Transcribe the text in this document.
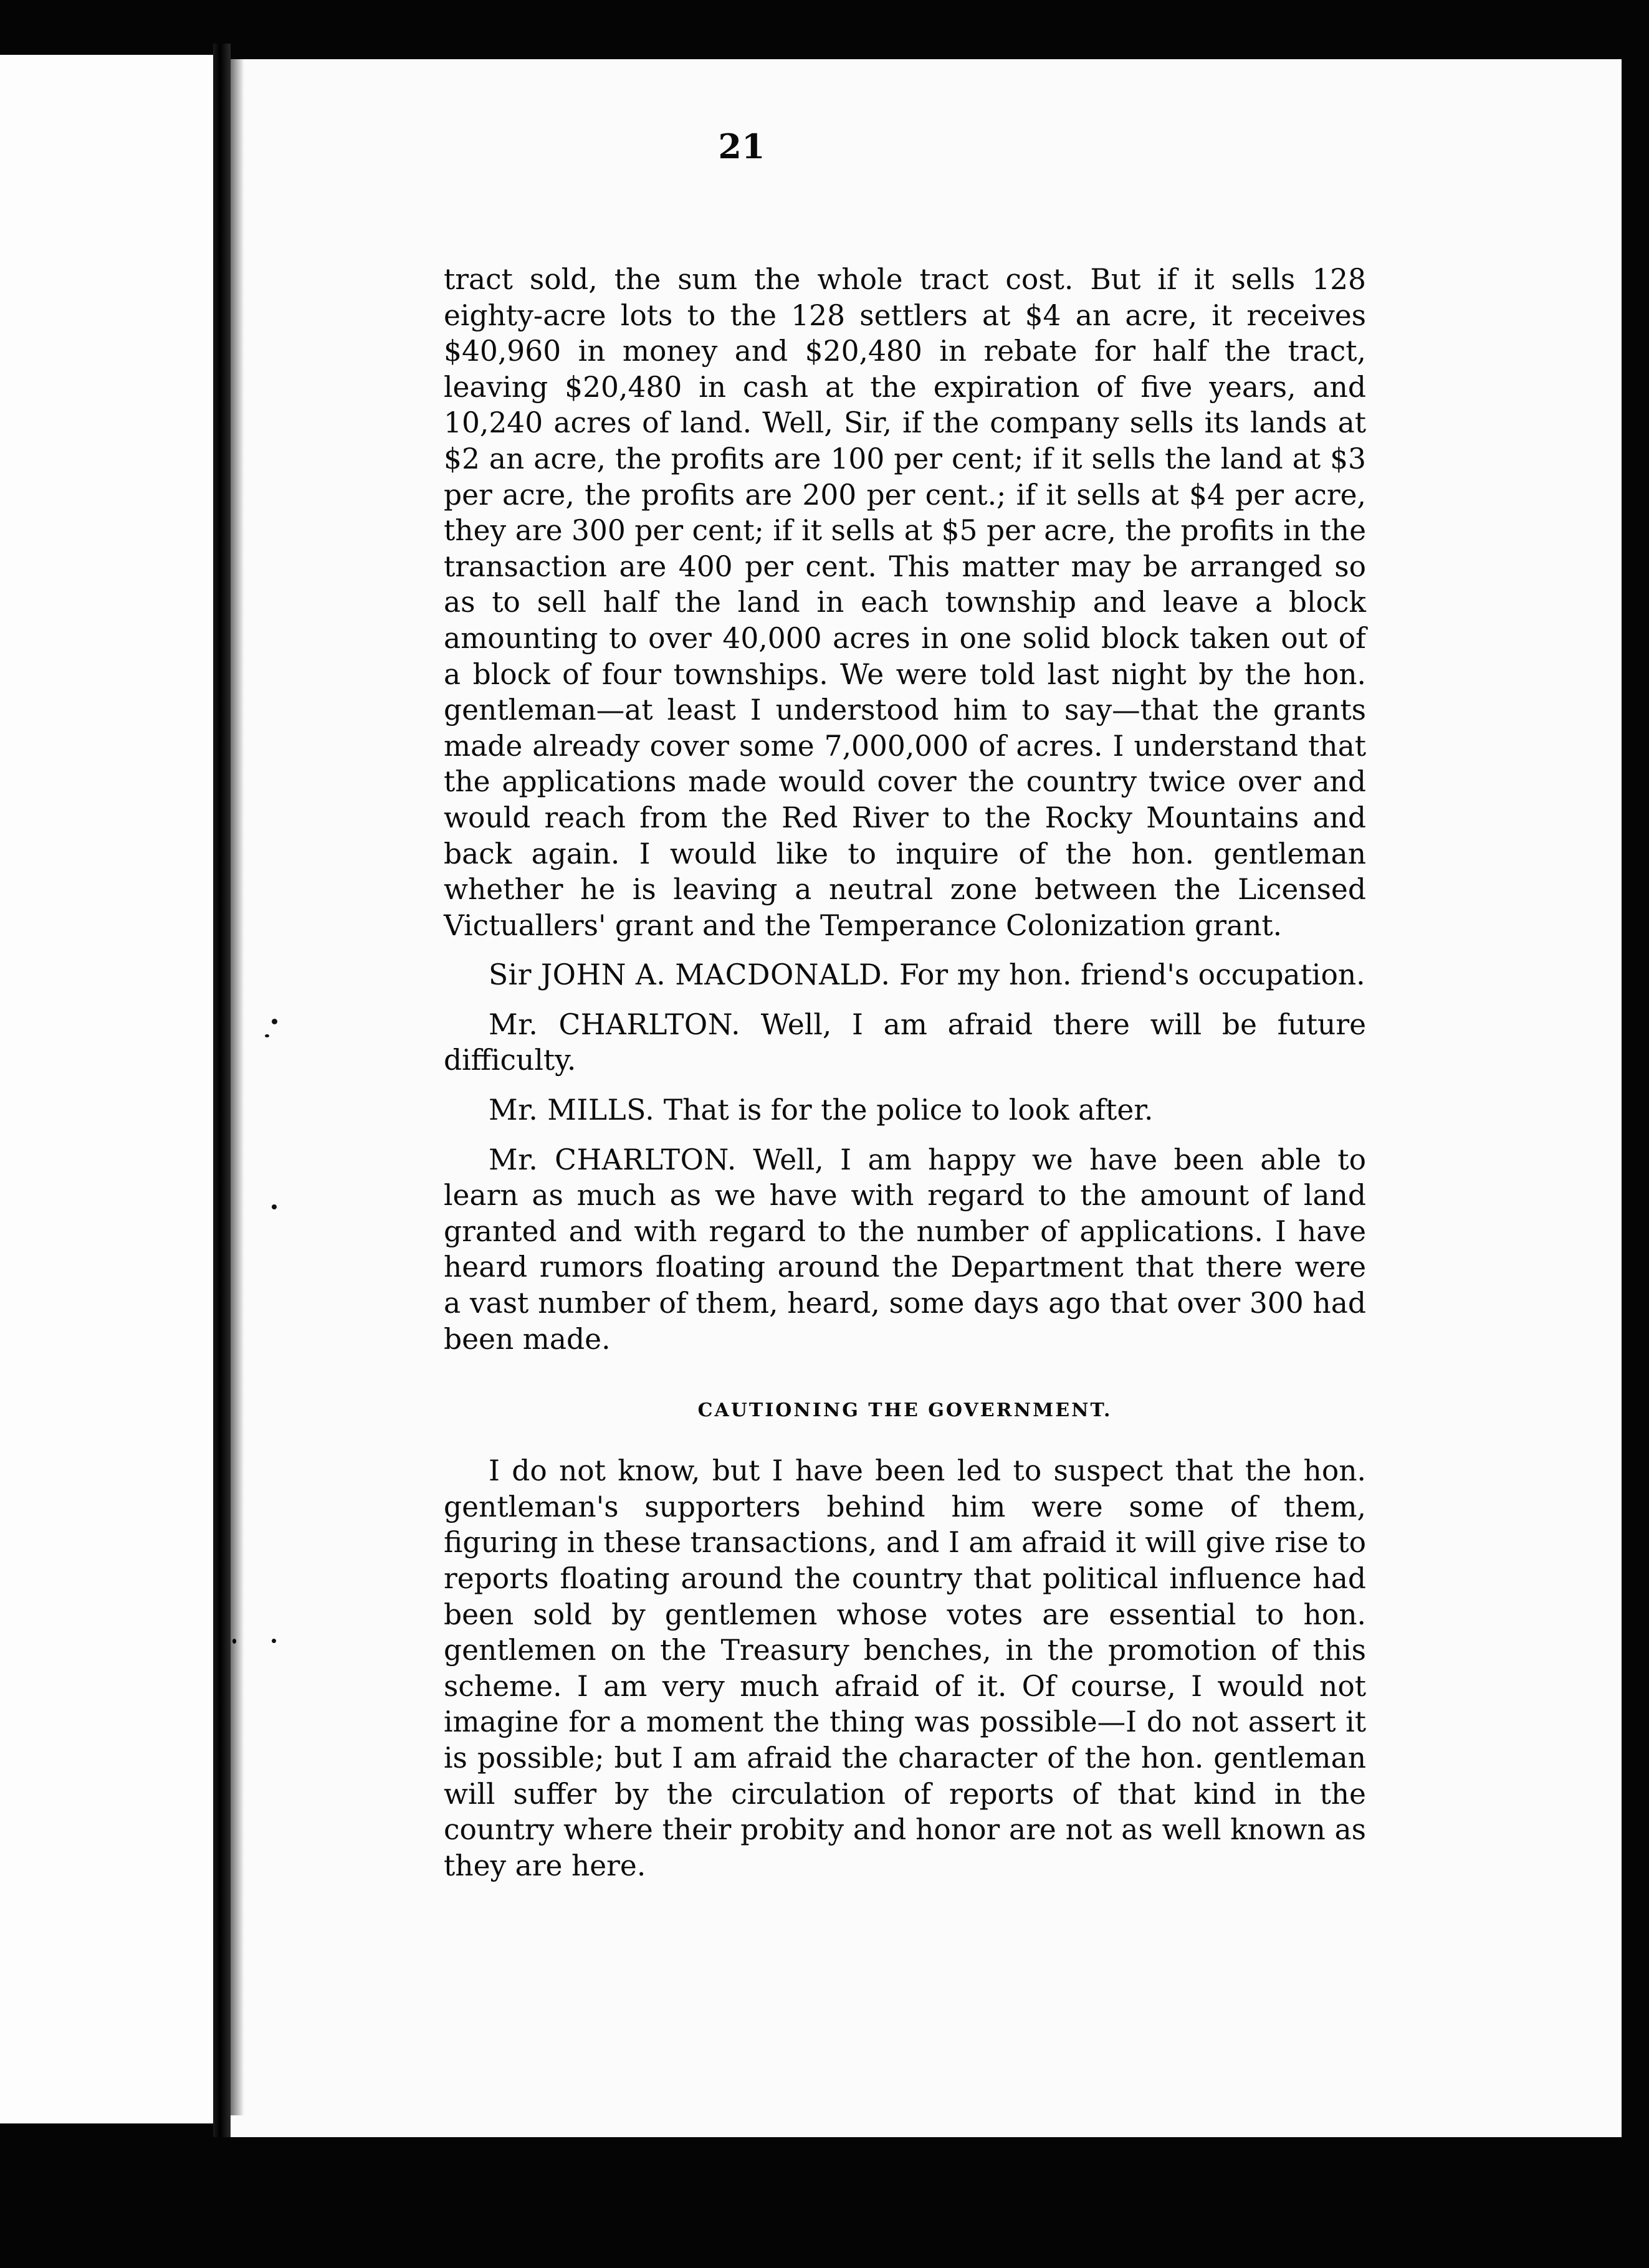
21

tract sold, the sum the whole tract cost. But if it sells 128 eighty-acre lots to the 128 settlers at $4 an acre, it receives $40,960 in money and $20,480 in rebate for half the tract, leaving $20,480 in cash at the expiration of five years, and 10,240 acres of land. Well, Sir, if the company sells its lands at $2 an acre, the profits are 100 per cent; if it sells the land at $3 per acre, the profits are 200 per cent.; if it sells at $4 per acre, they are 300 per cent; if it sells at $5 per acre, the profits in the transaction are 400 per cent. This matter may be arranged so as to sell half the land in each township and leave a block amounting to over 40,000 acres in one solid block taken out of a block of four townships. We were told last night by the hon. gentleman—at least I understood him to say—that the grants made already cover some 7,000,000 of acres. I understand that the applications made would cover the country twice over and would reach from the Red River to the Rocky Mountains and back again. I would like to inquire of the hon. gentleman whether he is leaving a neutral zone between the Licensed Victuallers' grant and the Temperance Colonization grant.

Sir JOHN A. MACDONALD. For my hon. friend's occupation.

Mr. CHARLTON. Well, I am afraid there will be future difficulty.

Mr. MILLS. That is for the police to look after.

Mr. CHARLTON. Well, I am happy we have been able to learn as much as we have with regard to the amount of land granted and with regard to the number of applications. I have heard rumors floating around the Department that there were a vast number of them, heard, some days ago that over 300 had been made.

CAUTIONING THE GOVERNMENT.

I do not know, but I have been led to suspect that the hon. gentleman's supporters behind him were some of them, figuring in these transactions, and I am afraid it will give rise to reports floating around the country that political influence had been sold by gentlemen whose votes are essential to hon. gentlemen on the Treasury benches, in the promotion of this scheme. I am very much afraid of it. Of course, I would not imagine for a moment the thing was possible—I do not assert it is possible; but I am afraid the character of the hon. gentleman will suffer by the circulation of reports of that kind in the country where their probity and honor are not as well known as they are here.
